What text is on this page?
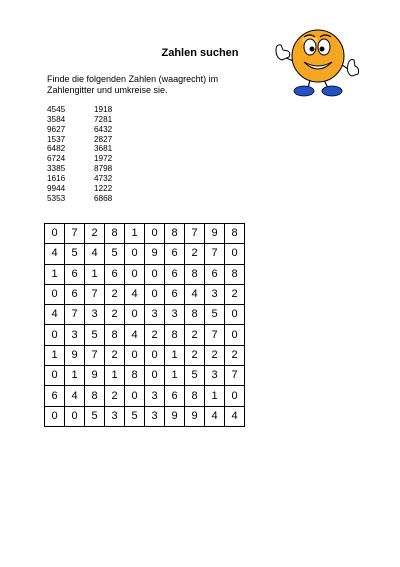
Zahlen suchen
Finde die folgenden Zahlen (waagrecht) im Zahlengitter und umkreise sie.
4545	1918
3584	7281
9627	6432
1537	2827
6482	3681
6724	1972
3385	8798
1616	4732
9944	1222
5353	6868
0	7	2	8	1	0	8	7	9	8
4	5	4	5	0	9	6	2	7	0
1	6	1	6	0	0	6	8	6	8
0	6	7	2	4	0	6	4	3	2
4	7	3	2	0	3	3	8	5	0
0	3	5	8	4	2	8	2	7	0
1	9	7	2	0	0	1	2	2	2
0	1	9	1	8	0	1	5	3	7
6	4	8	2	0	3	6	8	1	0
0	0	5	3	5	3	9	9	4	4
